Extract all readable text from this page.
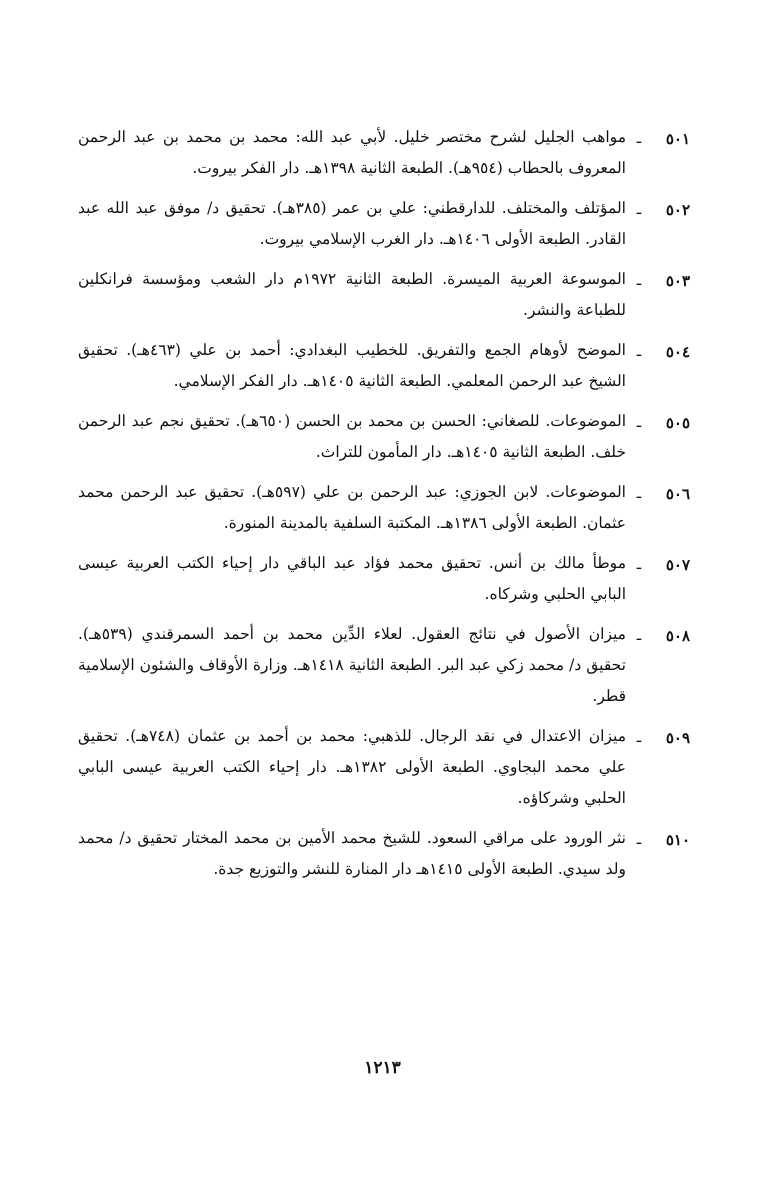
٥٠١
ـ
مواهب الجليل لشرح مختصر خليل. لأبي عبد الله: محمد بن محمد بن عبد الرحمن المعروف بالحطاب (٩٥٤هـ). الطبعة الثانية ١٣٩٨هـ. دار الفكر بيروت.
٥٠٢
ـ
المؤتلف والمختلف. للدارقطني: علي بن عمر (٣٨٥هـ). تحقيق د/ موفق عبد الله عبد القادر. الطبعة الأولى ١٤٠٦هـ. دار الغرب الإسلامي بيروت.
٥٠٣
ـ
الموسوعة العربية الميسرة. الطبعة الثانية ١٩٧٢م دار الشعب ومؤسسة فرانكلين للطباعة والنشر.
٥٠٤
ـ
الموضح لأوهام الجمع والتفريق. للخطيب البغدادي: أحمد بن علي (٤٦٣هـ). تحقيق الشيخ عبد الرحمن المعلمي. الطبعة الثانية ١٤٠٥هـ. دار الفكر الإسلامي.
٥٠٥
ـ
الموضوعات. للصغاني: الحسن بن محمد بن الحسن (٦٥٠هـ). تحقيق نجم عبد الرحمن خلف. الطبعة الثانية ١٤٠٥هـ. دار المأمون للتراث.
٥٠٦
ـ
الموضوعات. لابن الجوزي: عبد الرحمن بن علي (٥٩٧هـ). تحقيق عبد الرحمن محمد عثمان. الطبعة الأولى ١٣٨٦هـ. المكتبة السلفية بالمدينة المنورة.
٥٠٧
ـ
موطأ مالك بن أنس. تحقيق محمد فؤاد عبد الباقي دار إحياء الكتب العربية عيسى البابي الحلبي وشركاه.
٥٠٨
ـ
ميزان الأصول في نتائج العقول. لعلاء الدِّين محمد بن أحمد السمرقندي (٥٣٩هـ). تحقيق د/ محمد زكي عبد البر. الطبعة الثانية ١٤١٨هـ. وزارة الأوقاف والشئون الإسلامية قطر.
٥٠٩
ـ
ميزان الاعتدال في نقد الرجال. للذهبي: محمد بن أحمد بن عثمان (٧٤٨هـ). تحقيق علي محمد البجاوي. الطبعة الأولى ١٣٨٢هـ. دار إحياء الكتب العربية عيسى البابي الحلبي وشركاؤه.
٥١٠
ـ
نثر الورود على مراقي السعود. للشيخ محمد الأمين بن محمد المختار تحقيق د/ محمد ولد سيدي. الطبعة الأولى ١٤١٥هـ دار المنارة للنشر والتوزيع جدة.
١٢١٣
